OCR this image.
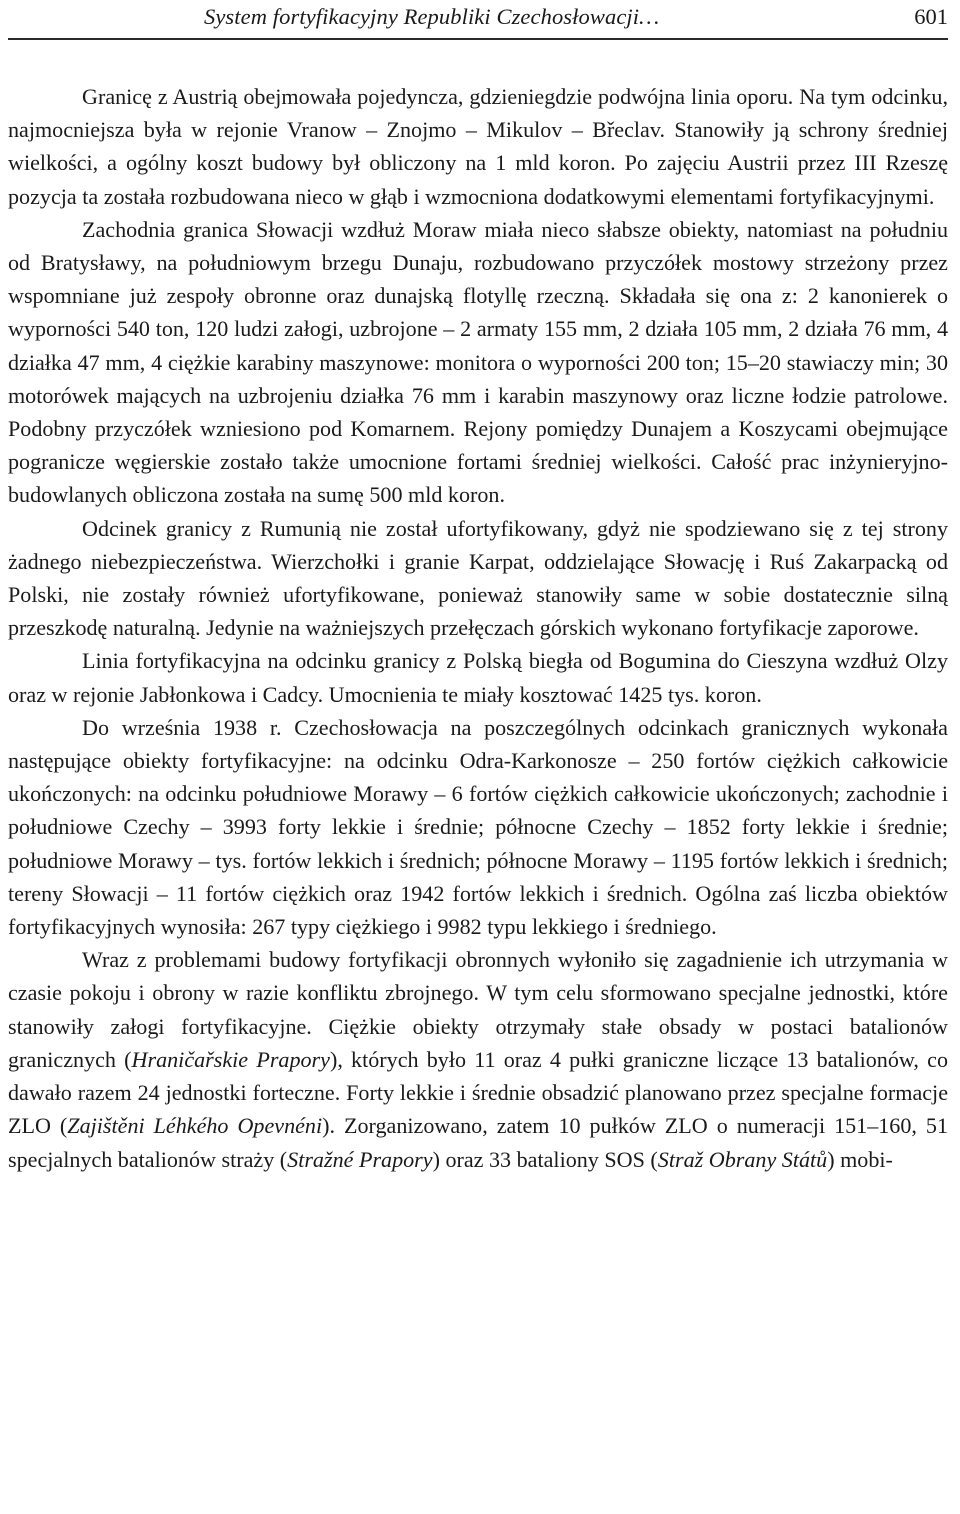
System fortyfikacyjny Republiki Czechosłowacji…	601

Granicę z Austrią obejmowała pojedyncza, gdzieniegdzie podwójna linia oporu. Na tym odcinku, najmocniejsza była w rejonie Vranow – Znojmo – Mikulov – Břeclav. Stanowiły ją schrony średniej wielkości, a ogólny koszt budowy był obliczony na 1 mld koron. Po zajęciu Austrii przez III Rzeszę pozycja ta została rozbudowana nieco w głąb i wzmocniona dodatkowymi elementami fortyfikacyjnymi.

Zachodnia granica Słowacji wzdłuż Moraw miała nieco słabsze obiekty, natomiast na południu od Bratysławy, na południowym brzegu Dunaju, rozbudowano przyczółek mostowy strzeżony przez wspomniane już zespoły obronne oraz dunajską flotyllę rzeczną. Składała się ona z: 2 kanonierek o wyporności 540 ton, 120 ludzi załogi, uzbrojone – 2 armaty 155 mm, 2 działa 105 mm, 2 działa 76 mm, 4 działka 47 mm, 4 ciężkie karabiny maszynowe: monitora o wyporności 200 ton; 15–20 stawiaczy min; 30 motorówek mających na uzbrojeniu działka 76 mm i karabin maszynowy oraz liczne łodzie patrolowe. Podobny przyczółek wzniesiono pod Komarnem. Rejony pomiędzy Dunajem a Koszycami obejmujące pogranicze węgierskie zostało także umocnione fortami średniej wielkości. Całość prac inżynieryjno-budowlanych obliczona została na sumę 500 mld koron.

Odcinek granicy z Rumunią nie został ufortyfikowany, gdyż nie spodziewano się z tej strony żadnego niebezpieczeństwa. Wierzchołki i granie Karpat, oddzielające Słowację i Ruś Zakarpacką od Polski, nie zostały również ufortyfikowane, ponieważ stanowiły same w sobie dostatecznie silną przeszkodę naturalną. Jedynie na ważniejszych przełęczach górskich wykonano fortyfikacje zaporowe.

Linia fortyfikacyjna na odcinku granicy z Polską biegła od Bogumina do Cieszyna wzdłuż Olzy oraz w rejonie Jabłonkowa i Cadcy. Umocnienia te miały kosztować 1425 tys. koron.

Do września 1938 r. Czechosłowacja na poszczególnych odcinkach granicznych wykonała następujące obiekty fortyfikacyjne: na odcinku Odra-Karkonosze – 250 fortów ciężkich całkowicie ukończonych: na odcinku południowe Morawy – 6 fortów ciężkich całkowicie ukończonych; zachodnie i południowe Czechy – 3993 forty lekkie i średnie; północne Czechy – 1852 forty lekkie i średnie; południowe Morawy – tys. fortów lekkich i średnich; północne Morawy – 1195 fortów lekkich i średnich; tereny Słowacji – 11 fortów ciężkich oraz 1942 fortów lekkich i średnich. Ogólna zaś liczba obiektów fortyfikacyjnych wynosiła: 267 typy ciężkiego i 9982 typu lekkiego i średniego.

Wraz z problemami budowy fortyfikacji obronnych wyłoniło się zagadnienie ich utrzymania w czasie pokoju i obrony w razie konfliktu zbrojnego. W tym celu sformowano specjalne jednostki, które stanowiły załogi fortyfikacyjne. Ciężkie obiekty otrzymały stałe obsady w postaci batalionów granicznych (Hraničařskie Prapory), których było 11 oraz 4 pułki graniczne liczące 13 batalionów, co dawało razem 24 jednostki forteczne. Forty lekkie i średnie obsadzić planowano przez specjalne formacje ZLO (Zajištěni Léhkého Opevnéni). Zorganizowano, zatem 10 pułków ZLO o numeracji 151–160, 51 specjalnych batalionów straży (Stražné Prapory) oraz 33 bataliony SOS (Straž Obrany Států) mobi-
